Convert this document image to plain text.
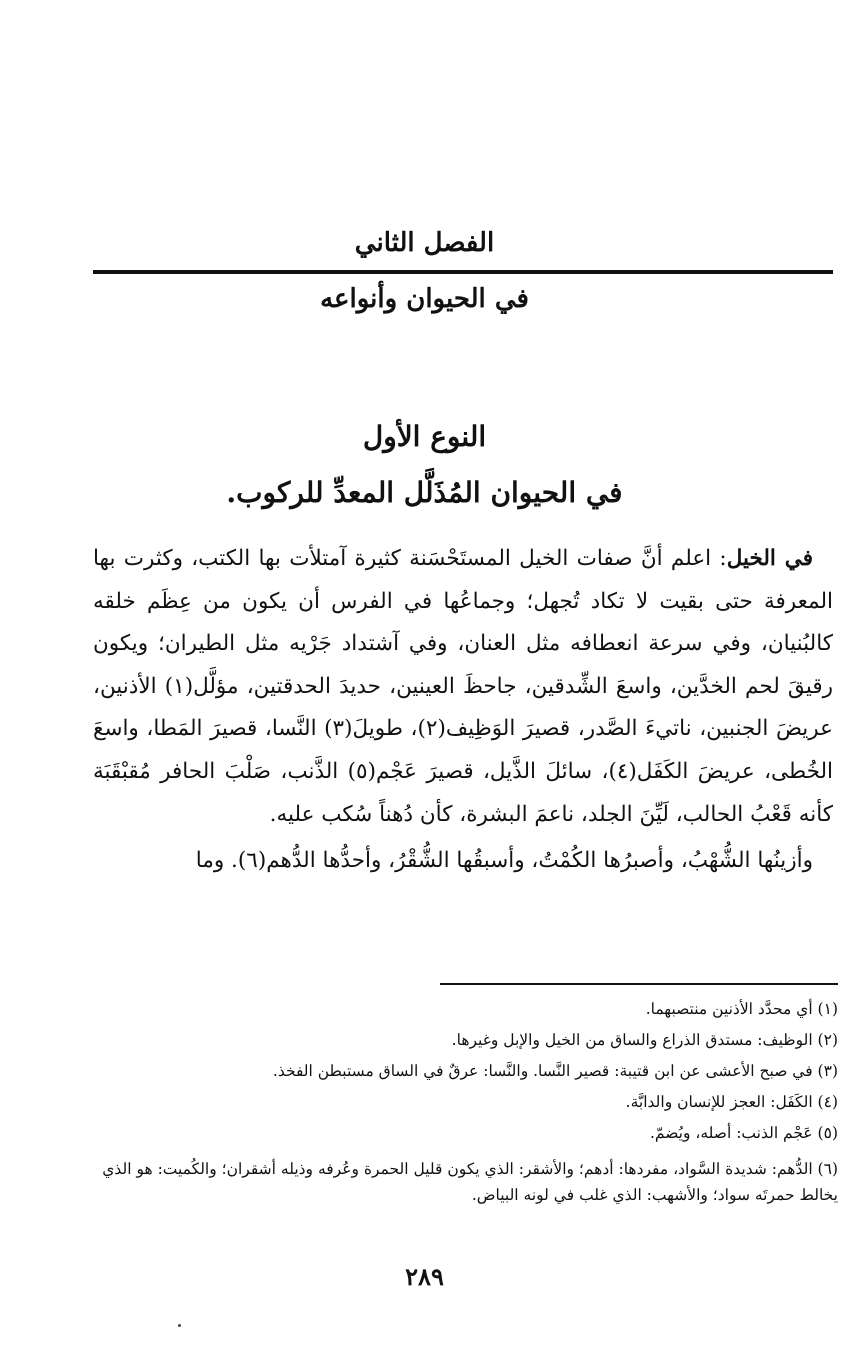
الفصل الثاني
في الحيوان وأنواعه
النوع الأول
في الحيوان المُذَلَّل المعدِّ للركوب.

في الخيل: اعلم أنَّ صفات الخيل المستَحْسَنة كثيرة آمتلأت بها الكتب، وكثرت بها المعرفة حتى بقيت لا تكاد تُجهل؛ وجماعُها في الفرس أن يكون من عِظَم خلقه كالبُنيان، وفي سرعة انعطافه مثل العنان، وفي آشتداد جَرْيه مثل الطيران؛ ويكون رقيقَ لحم الخدَّين، واسعَ الشِّدقين، جاحظَ العينين، حديدَ الحدقتين، مؤلَّل(١) الأذنين، عريضَ الجنبين، ناتيءَ الصَّدر، قصيرَ الوَظِيف(٢)، طويلَ(٣) النَّسا، قصيرَ المَطا، واسعَ الخُطى، عريضَ الكَفَل(٤)، سائلَ الذَّيل، قصيرَ عَجْم(٥) الذَّنب، صَلْبَ الحافر مُقبْقَبَة كأنه قَعْبُ الحالب، لَيِّنَ الجلد، ناعمَ البشرة، كأن دُهناً سُكب عليه.

وأزينُها الشُّهْبُ، وأصبرُها الكُمْتُ، وأسبقُها الشُّقْرُ، وأحدُّها الدُّهم(٦). وما

(١) أي محدَّد الأذنين منتصبهما.

(٢) الوظيف: مستدق الذراع والساق من الخيل والإبل وغيرها.

(٣) في صبح الأعشى عن ابن قتيبة: قصير النَّسا. والنَّسا: عرقٌ في الساق مستبطن الفخذ.

(٤) الكَفَل: العجز للإنسان والدابَّة.

(٥) عَجْم الذنب: أصله، ويُضمّ.

(٦) الدُّهم: شديدة السَّواد، مفردها: أدهم؛ والأشقر: الذي يكون قليل الحمرة وعُرفه وذيله أشقران؛ والكُميت: هو الذي يخالط حمرتَه سواد؛ والأشهب: الذي غلب في لونه البياض.

٢٨٩
